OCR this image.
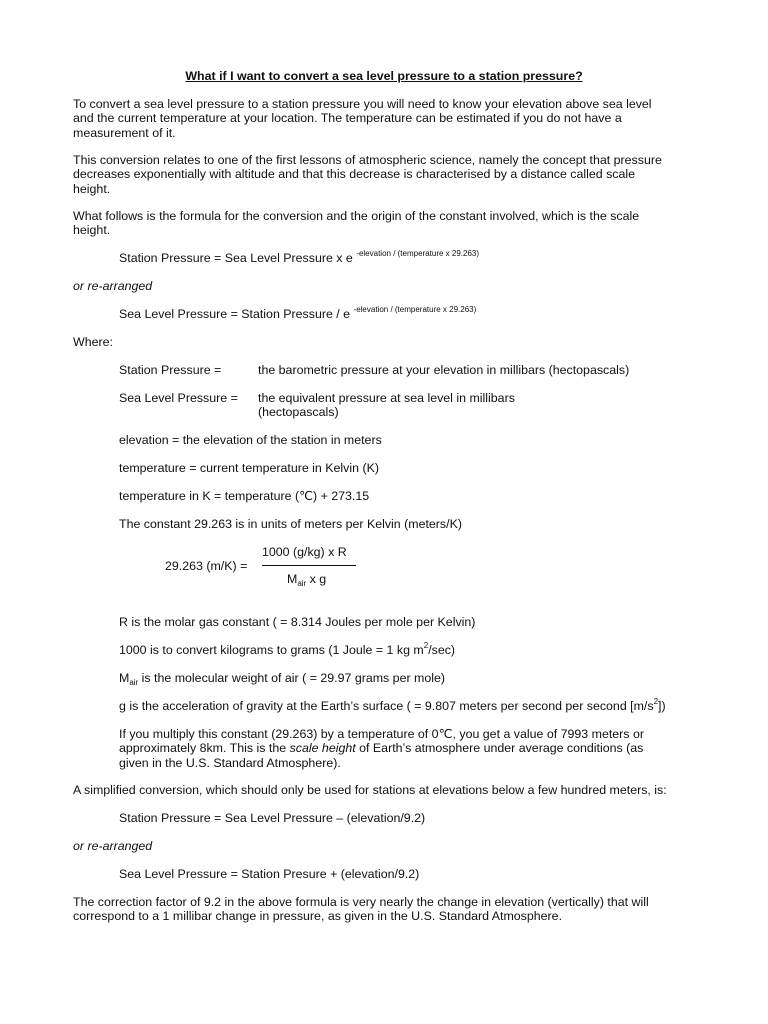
What if I want to convert a sea level pressure to a station pressure?

To convert a sea level pressure to a station pressure you will need to know your elevation above sea level
and the current temperature at your location. The temperature can be estimated if you do not have a
measurement of it.
This conversion relates to one of the first lessons of atmospheric science, namely the concept that pressure
decreases exponentially with altitude and that this decrease is characterised by a distance called scale
height.
What follows is the formula for the conversion and the origin of the constant involved, which is the scale
height.
Station Pressure = Sea Level Pressure x e $^{-elevation / (temperature x 29.263)}$
or re-arranged
Sea Level Pressure = Station Pressure / e $^{-elevation / (temperature x 29.263)}$
Where:
Station Pressure =	the barometric pressure at your elevation in millibars (hectopascals)
Sea Level Pressure = the equivalent pressure at sea level in millibars
(hectopascals)
elevation = the elevation of the station in meters
temperature = current temperature in Kelvin (K)
temperature in K = temperature (℃) + 273.15
The constant 29.263 is in units of meters per Kelvin (meters/K)
1000 (g/kg) x R
29.263 (m/K) =
$M_{air}$ x g
R is the molar gas constant ( = 8.314 Joules per mole per Kelvin)
1000 is to convert kilograms to grams (1 Joule = 1 kg $m^2/\sec$)
$M_{air}$ is the molecular weight of air ( = 29.97 grams per mole)
g is the acceleration of gravity at the Earth’s surface ( = 9.807 meters per second per second $[m/s^2]$)
If you multiply this constant (29.263) by a temperature of 0℃, you get a value of 7993 meters or
approximately 8km. This is the scale height of Earth’s atmosphere under average conditions (as
given in the U.S. Standard Atmosphere).
A simplified conversion, which should only be used for stations at elevations below a few hundred meters, is:
Station Pressure = Sea Level Pressure – (elevation/9.2)
or re-arranged
Sea Level Pressure = Station Presure + (elevation/9.2)
The correction factor of 9.2 in the above formula is very nearly the change in elevation (vertically) that will
correspond to a 1 millibar change in pressure, as given in the U.S. Standard Atmosphere.
